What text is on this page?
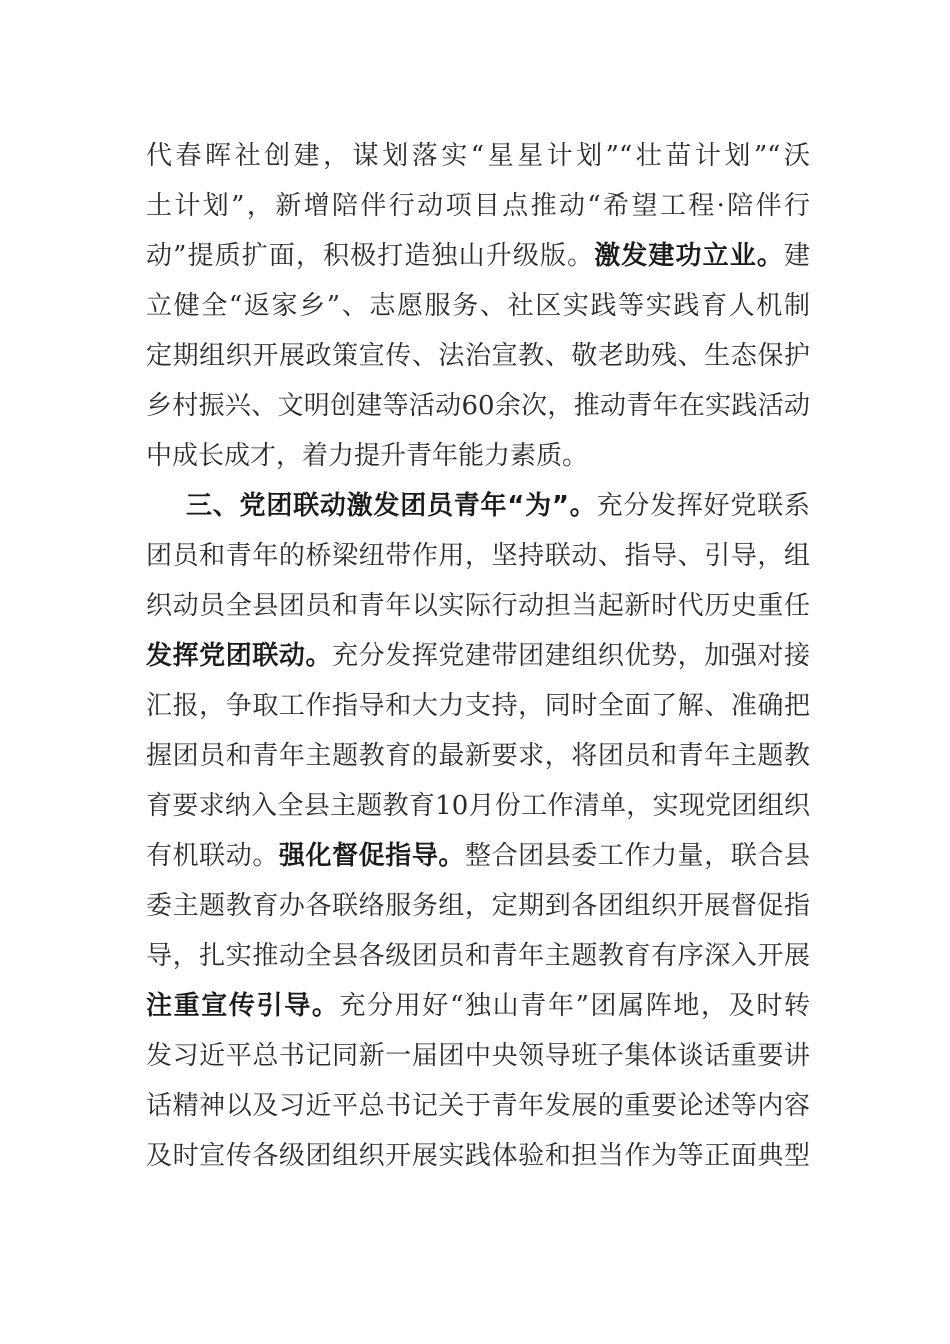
代春晖社创建，谋划落实“星星计划”“壮苗计划”“沃
土计划”，新增陪伴行动项目点推动“希望工程·陪伴行
动”提质扩面，积极打造独山升级版。激发建功立业。建
立健全“返家乡”、志愿服务、社区实践等实践育人机制
定期组织开展政策宣传、法治宣教、敬老助残、生态保护
乡村振兴、文明创建等活动60余次，推动青年在实践活动
中成长成才，着力提升青年能力素质。
三、党团联动激发团员青年“为”。充分发挥好党联系
团员和青年的桥梁纽带作用，坚持联动、指导、引导，组
织动员全县团员和青年以实际行动担当起新时代历史重任
发挥党团联动。充分发挥党建带团建组织优势，加强对接
汇报，争取工作指导和大力支持，同时全面了解、准确把
握团员和青年主题教育的最新要求，将团员和青年主题教
育要求纳入全县主题教育10月份工作清单，实现党团组织
有机联动。强化督促指导。整合团县委工作力量，联合县
委主题教育办各联络服务组，定期到各团组织开展督促指
导，扎实推动全县各级团员和青年主题教育有序深入开展
注重宣传引导。充分用好“独山青年”团属阵地，及时转
发习近平总书记同新一届团中央领导班子集体谈话重要讲
话精神以及习近平总书记关于青年发展的重要论述等内容
及时宣传各级团组织开展实践体验和担当作为等正面典型
